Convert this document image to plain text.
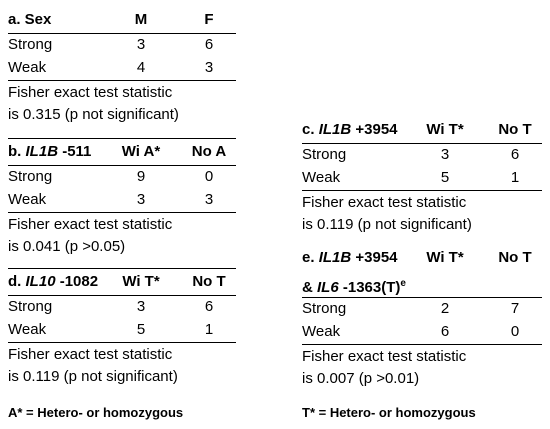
a. Sex	M	F
Strong	3	6
Weak	4	3
Fisher exact test statistic
is 0.315 (p not significant)
b. IL1B -511	Wi A*	No A
Strong	9	0
Weak	3	3
Fisher exact test statistic
is 0.041 (p >0.05)
d. IL10 -1082	Wi T*	No T
Strong	3	6
Weak	5	1
Fisher exact test statistic
is 0.119 (p not significant)
c. IL1B +3954	Wi T*	No T
Strong	3	6
Weak	5	1
Fisher exact test statistic
is 0.119 (p not significant)
e. IL1B +3954	Wi T*	No T
& IL6 $-1363(T)^e$
Strong	2	7
Weak	6	0
Fisher exact test statistic
is 0.007 (p >0.01)
A* = Hetero- or homozygous	T* = Hetero- or homozygous
